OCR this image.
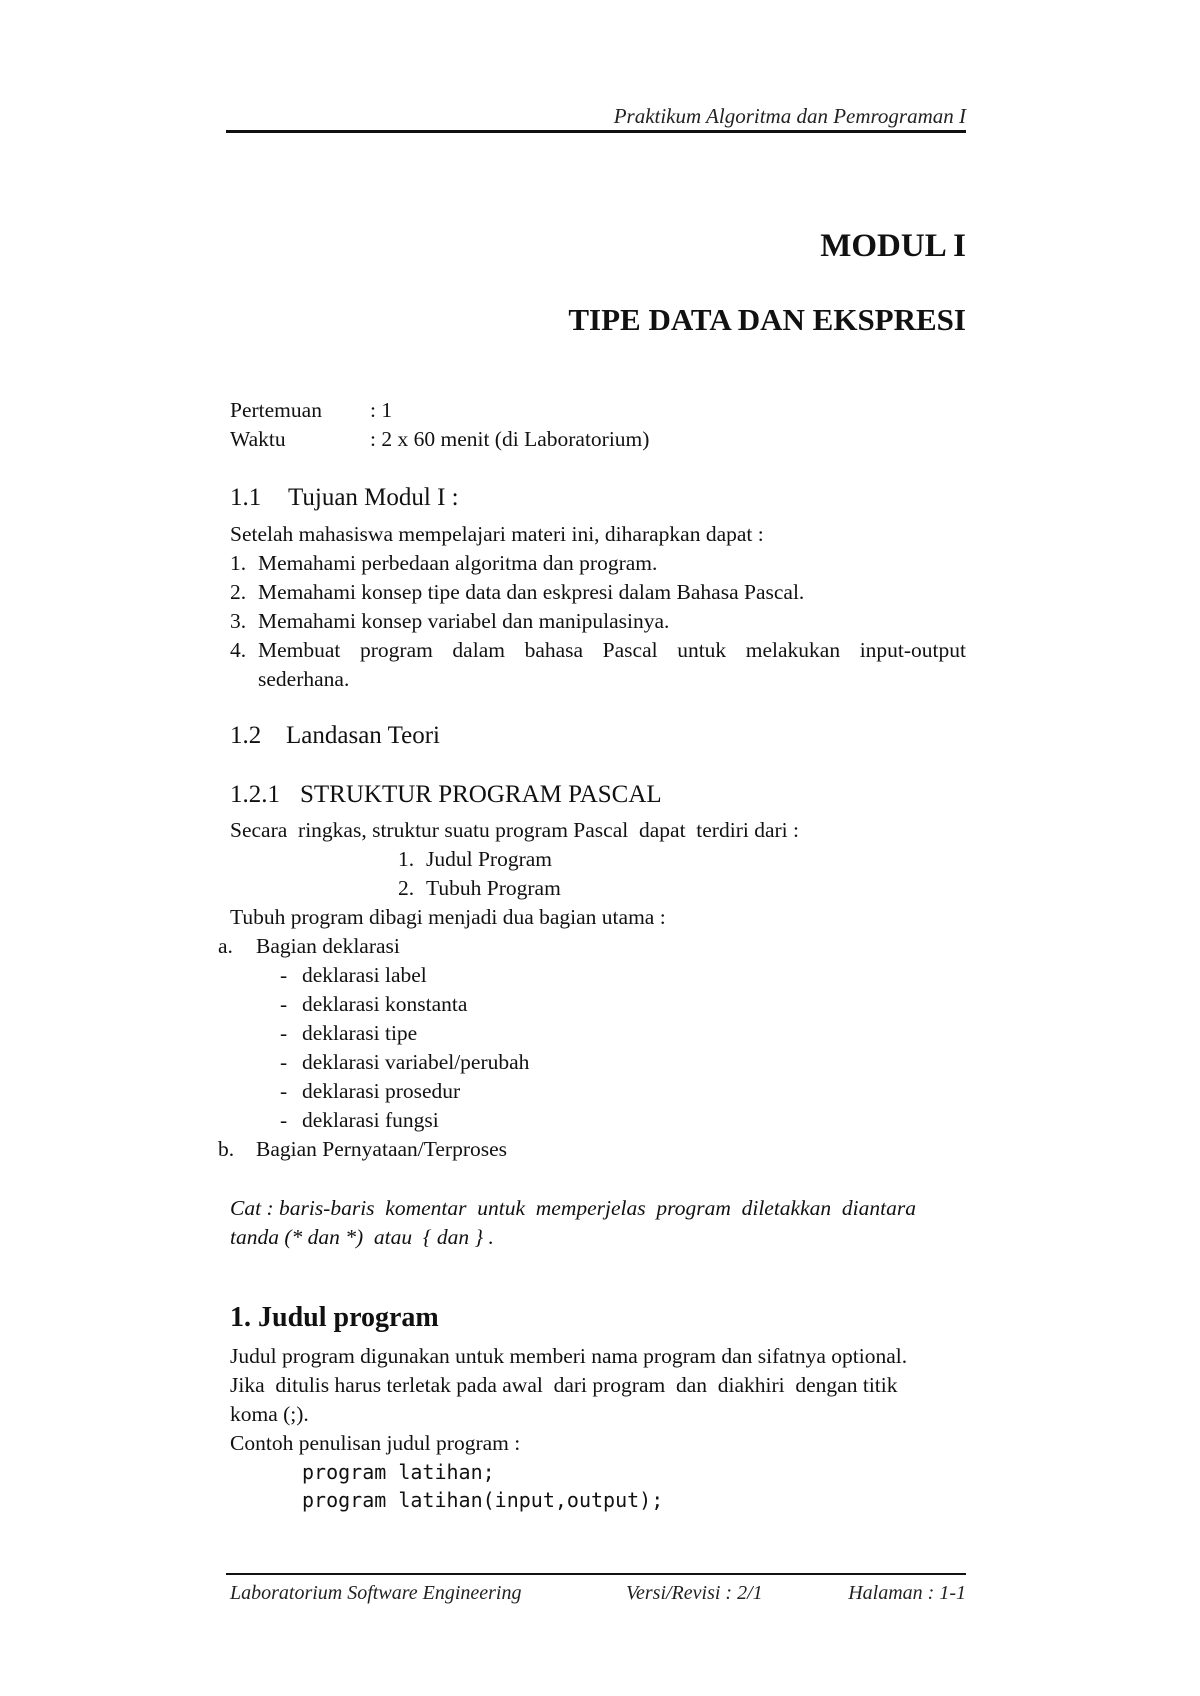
Praktikum Algoritma dan Pemrograman I
MODUL I
TIPE DATA DAN EKSPRESI
Pertemuan : 1
Waktu	: 2 x 60 menit (di Laboratorium)
1.1 Tujuan Modul I :
Setelah mahasiswa mempelajari materi ini, diharapkan dapat :
1. Memahami perbedaan algoritma dan program.
2. Memahami konsep tipe data dan eskpresi dalam Bahasa Pascal.
3. Memahami konsep variabel dan manipulasinya.
4. Membuat program dalam bahasa Pascal untuk melakukan input-output
sederhana.
1.2 Landasan Teori
1.2.1 STRUKTUR PROGRAM PASCAL
Secara  ringkas, struktur suatu program Pascal  dapat  terdiri dari :
1. Judul Program
2. Tubuh Program
Tubuh program dibagi menjadi dua bagian utama :
a. Bagian deklarasi
- deklarasi label
- deklarasi konstanta
- deklarasi tipe
- deklarasi variabel/perubah
- deklarasi prosedur
- deklarasi fungsi
b. Bagian Pernyataan/Terproses
Cat : baris-baris  komentar  untuk  memperjelas  program  diletakkan  diantara
tanda (* dan *)  atau  { dan } .
1. Judul program
Judul program digunakan untuk memberi nama program dan sifatnya optional.
Jika  ditulis harus terletak pada awal  dari program  dan  diakhiri  dengan titik
koma (;).
Contoh penulisan judul program :
program latihan;
program latihan(input,output);
Laboratorium Software Engineering	Versi/Revisi : 2/1	Halaman : 1-1
